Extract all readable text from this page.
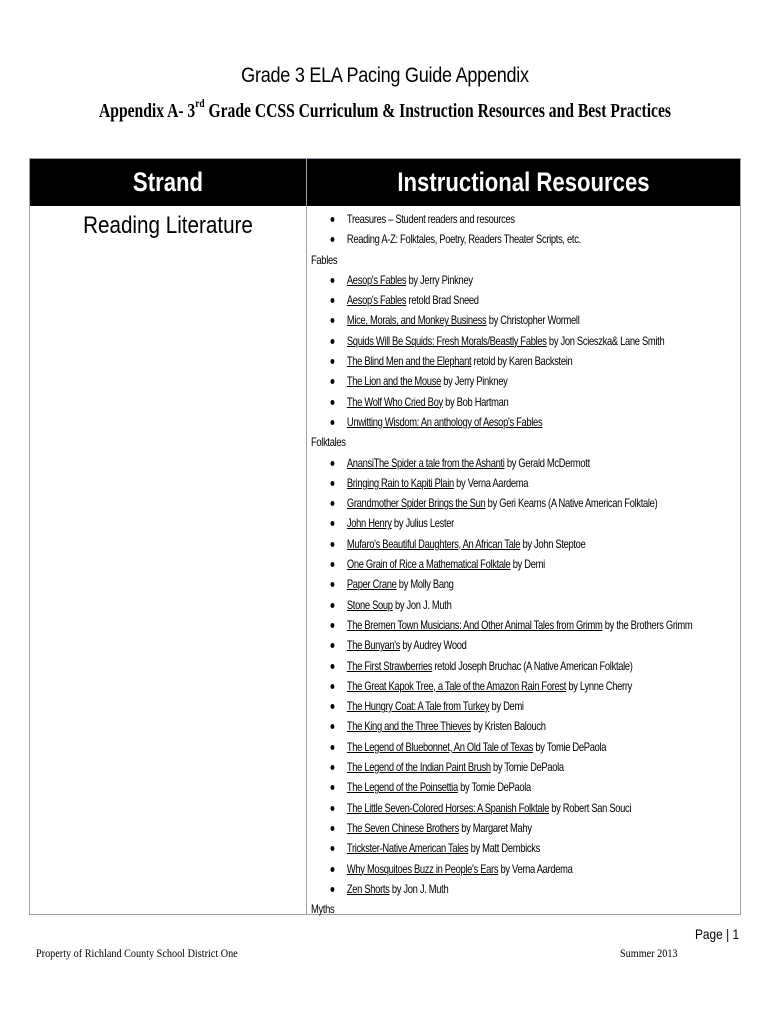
Grade 3 ELA Pacing Guide Appendix
Appendix A- 3rd Grade CCSS Curriculum & Instruction Resources and Best Practices
Strand	Instructional Resources
Reading Literature	Treasures – Student readers and resources
Reading A-Z: Folktales, Poetry, Readers Theater Scripts, etc.
Fables
Aesop's Fables by Jerry Pinkney
Aesop's Fables retold Brad Sneed
Mice, Morals, and Monkey Business by Christopher Wormell
Squids Will Be Squids: Fresh Morals/Beastly Fables by Jon Scieszka& Lane Smith
The Blind Men and the Elephant retold by Karen Backstein
The Lion and the Mouse by Jerry Pinkney
The Wolf Who Cried Boy by Bob Hartman
Unwitting Wisdom: An anthology of Aesop's Fables
Folktales
AnansiThe Spider a tale from the Ashanti by Gerald McDermott
Bringing Rain to Kapiti Plain by Verna Aardema
Grandmother Spider Brings the Sun by Geri Kearns (A Native American Folktale)
John Henry by Julius Lester
Mufaro's Beautiful Daughters, An African Tale by John Steptoe
One Grain of Rice a Mathematical Folktale by Demi
Paper Crane by Molly Bang
Stone Soup by Jon J. Muth
The Bremen Town Musicians: And Other Animal Tales from Grimm by the Brothers Grimm
The Bunyan's by Audrey Wood
The First Strawberries retold Joseph Bruchac (A Native American Folktale)
The Great Kapok Tree, a Tale of the Amazon Rain Forest by Lynne Cherry
The Hungry Coat: A Tale from Turkey by Demi
The King and the Three Thieves by Kristen Balouch
The Legend of Bluebonnet, An Old Tale of Texas by Tomie DePaola
The Legend of the Indian Paint Brush by Tomie DePaola
The Legend of the Poinsettia by Tomie DePaola
The Little Seven-Colored Horses: A Spanish Folktale by Robert San Souci
The Seven Chinese Brothers by Margaret Mahy
Trickster-Native American Tales by Matt Dembicks
Why Mosquitoes Buzz in People's Ears by Verna Aardema
Zen Shorts by Jon J. Muth
Myths
Page | 1
Property of Richland County School District One	Summer 2013
